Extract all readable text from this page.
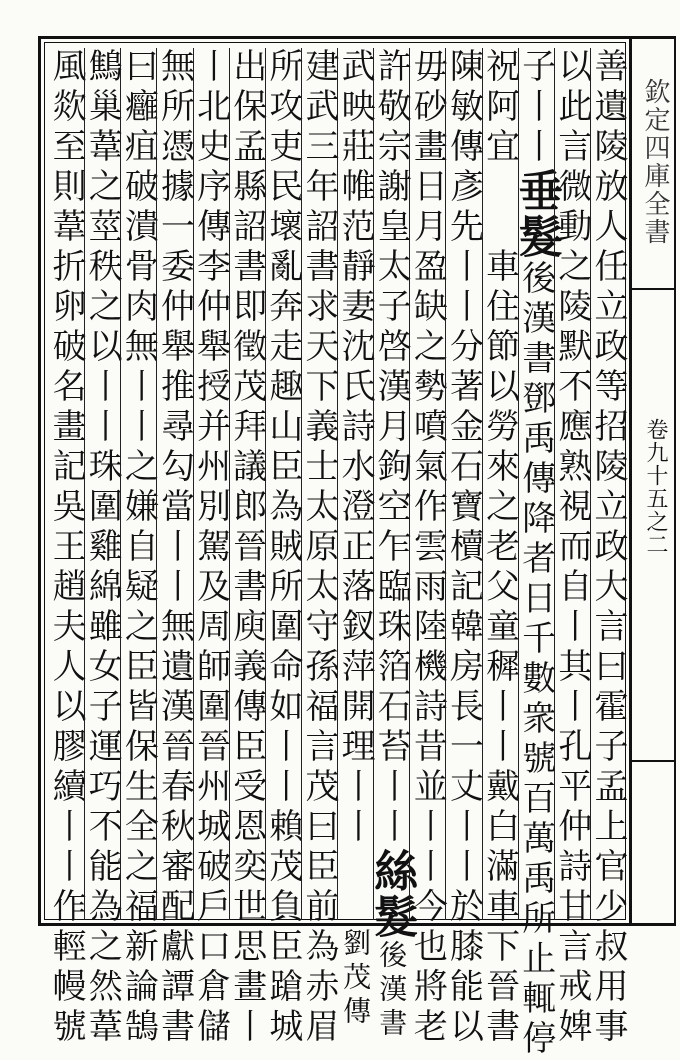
欽定四庫全書
卷九十五之二
善遺陵放人任立政等招陵立政大言曰霍子孟上官少叔用事
以此言微動之陵默不應熟視而自丨其丨孔平仲詩甘言戒婢
子丨丨垂髮後漢書鄧禹傳降者日千數衆號百萬禹所止輒停
祝阿宜　　車住節以勞來之老父童穉丨丨戴白滿車下晉書
陳敏傳彥先丨丨分著金石寶櫝記韓房長一丈丨丨於膝能以
毋砂畫日月盈缺之勢噴氣作雲雨陸機詩昔並丨丨今也將老
許敬宗謝皇太子啓漢月鉤空乍臨珠箔石苔丨丨絲髮後漢書
武映莊帷范靜妻沈氏詩水澄正落釵萍開理丨丨　　劉茂傳
建武三年詔書求天下義士太原太守孫福言茂曰臣前為赤眉
所攻吏民壞亂奔走趣山臣為賊所圍命如丨丨賴茂負臣蹌城
出保孟縣詔書即徵茂拜議郎晉書庾義傳臣受恩奕世思畫丨
丨北史序傳李仲舉授并州別駕及周師圍晉州城破戶口倉儲
無所憑據一委仲舉推尋勾當丨丨無遺漢晉春秋審配獻譚書
曰癰疽破潰骨肉無丨丨之嫌自疑之臣皆保生全之福新論鵠
鷦巢葦之莖秩之以丨丨珠圍雞綿雖女子運巧不能為之然葦
風欻至則葦折卵破名畫記吳王趙夫人以膠續丨丨作輕幔號
